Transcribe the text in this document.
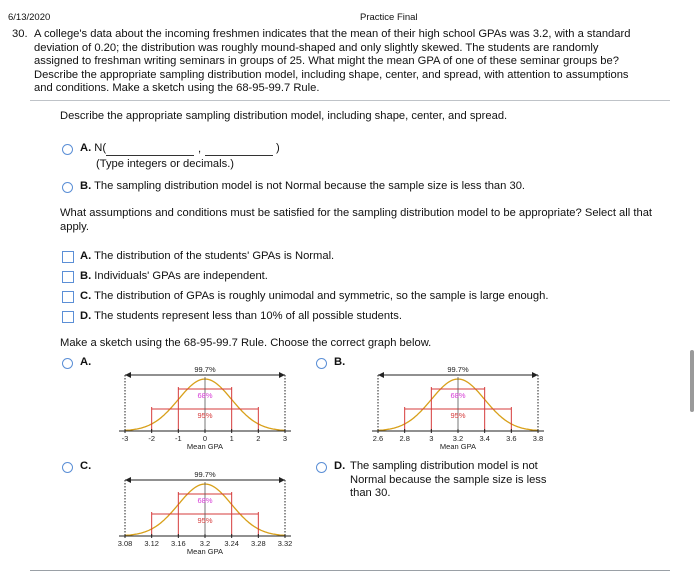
6/13/2020	Practice Final
30. A college's data about the incoming freshmen indicates that the mean of their high school GPAs was 3.2, with a standard
deviation of 0.20; the distribution was roughly mound-shaped and only slightly skewed. The students are randomly
assigned to freshman writing seminars in groups of 25. What might the mean GPA of one of these seminar groups be?
Describe the appropriate sampling distribution model, including shape, center, and spread, with attention to assumptions
and conditions. Make a sketch using the 68-95-99.7 Rule.
Describe the appropriate sampling distribution model, including shape, center, and spread.
A. N(	,	)
(Type integers or decimals.)
B. The sampling distribution model is not Normal because the sample size is less than 30.
What assumptions and conditions must be satisfied for the sampling distribution model to be appropriate? Select all that
apply.
A. The distribution of the students' GPAs is Normal.
B. Individuals' GPAs are independent.
C. The distribution of GPAs is roughly unimodal and symmetric, so the sample is large enough.
D. The students represent less than 10% of all possible students.
Make a sketch using the 68-95-99.7 Rule. Choose the correct graph below.
A.	B.
C.	D. The sampling distribution model is not
Normal because the sample size is less
than 30.
99.7%
68%
95%
-3	-2	-1	0	1	2	3
Mean GPA
99.7%
68%
95%
2.6 2.8	3	3.2 3.4 3.6 3.8
Mean GPA
99.7%
68%
95%
3.08 3.12 3.16 3.2 3.24 3.28 3.32
Mean GPA
